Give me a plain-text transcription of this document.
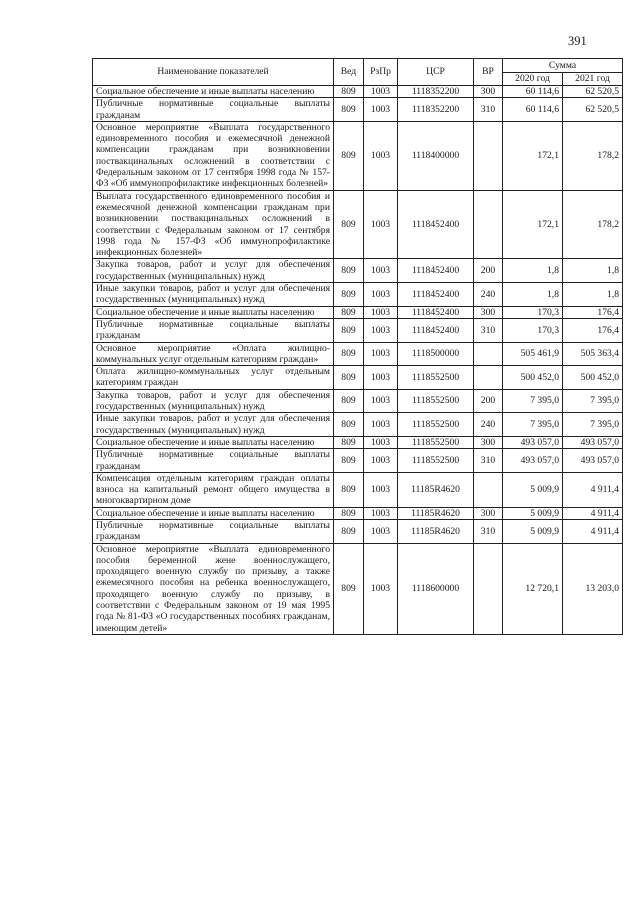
391
Наименование показателей	Вед	РзПр	ЦСР	ВР	Сумма	
					2020 год	2021 год
Социальное обеспечение и иные выплаты населению	809	1003	1118352200	300	60 114,6	62 520,5
Публичные нормативные социальные выплаты гражданам	809	1003	1118352200	310	60 114,6	62 520,5
Основное мероприятие «Выплата государственного единовременного пособия и ежемесячной денежной компенсации гражданам при возникновении поствакцинальных осложнений в соответствии с Федеральным законом от 17 сентября 1998 года № 157-ФЗ «Об иммунопрофилактике инфекционных болезней»	809	1003	1118400000		172,1	178,2
Выплата государственного единовременного пособия и ежемесячной денежной компенсации гражданам при возникновении поствакцинальных осложнений в соответствии с Федеральным законом от 17 сентября 1998 года № 157-ФЗ «Об иммунопрофилактике инфекционных болезней»	809	1003	1118452400		172,1	178,2
Закупка товаров, работ и услуг для обеспечения государственных (муниципальных) нужд	809	1003	1118452400	200	1,8	1,8
Иные закупки товаров, работ и услуг для обеспечения государственных (муниципальных) нужд	809	1003	1118452400	240	1,8	1,8
Социальное обеспечение и иные выплаты населению	809	1003	1118452400	300	170,3	176,4
Публичные нормативные социальные выплаты гражданам	809	1003	1118452400	310	170,3	176,4
Основное мероприятие «Оплата жилищно-коммунальных услуг отдельным категориям граждан»	809	1003	1118500000		505 461,9	505 363,4
Оплата жилищно-коммунальных услуг отдельным категориям граждан	809	1003	1118552500		500 452,0	500 452,0
Закупка товаров, работ и услуг для обеспечения государственных (муниципальных) нужд	809	1003	1118552500	200	7 395,0	7 395,0
Иные закупки товаров, работ и услуг для обеспечения государственных (муниципальных) нужд	809	1003	1118552500	240	7 395,0	7 395,0
Социальное обеспечение и иные выплаты населению	809	1003	1118552500	300	493 057,0	493 057,0
Публичные нормативные социальные выплаты гражданам	809	1003	1118552500	310	493 057,0	493 057,0
Компенсация отдельным категориям граждан оплаты взноса на капитальный ремонт общего имущества в многоквартирном доме	809	1003	11185R4620		5 009,9	4 911,4
Социальное обеспечение и иные выплаты населению	809	1003	11185R4620	300	5 009,9	4 911,4
Публичные нормативные социальные выплаты гражданам	809	1003	11185R4620	310	5 009,9	4 911,4
Основное мероприятие «Выплата единовременного пособия беременной жене военнослужащего, проходящего военную службу по призыву, а также ежемесячного пособия на ребенка военнослужащего, проходящего военную службу по призыву, в соответствии с Федеральным законом от 19 мая 1995 года № 81-ФЗ «О государственных пособиях гражданам, имеющим детей»	809	1003	1118600000		12 720,1	13 203,0
